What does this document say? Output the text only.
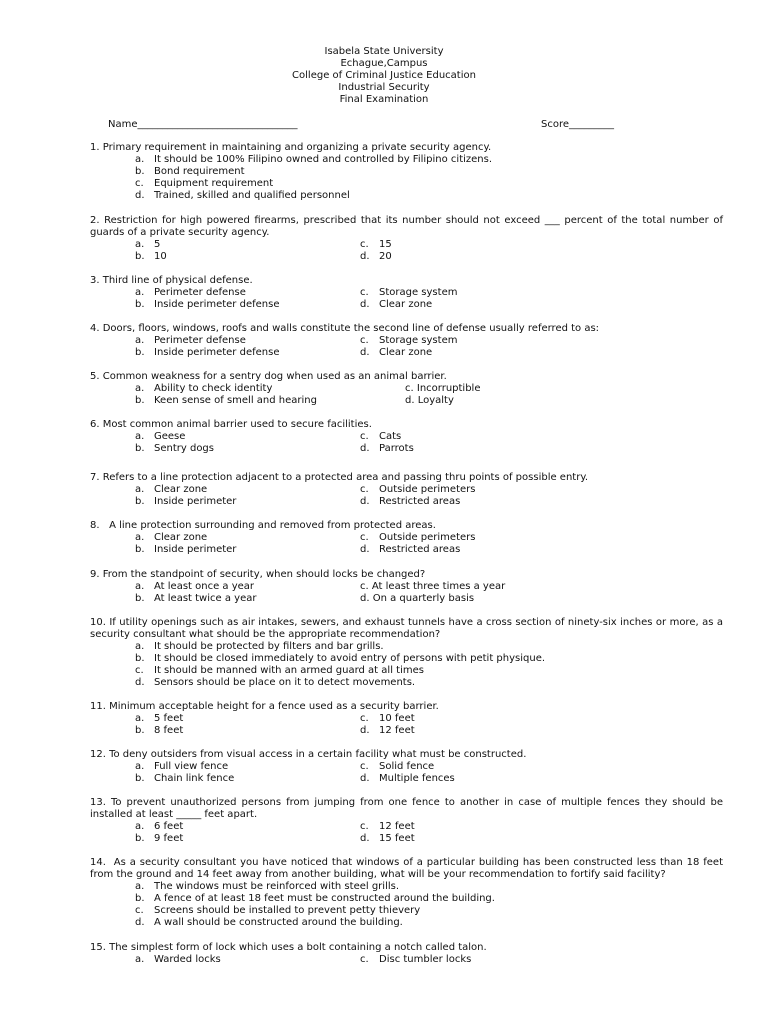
Isabela State University
Echague,Campus
College of Criminal Justice Education
Industrial Security
Final Examination
Name________________________________	Score_________
1. Primary requirement in maintaining and organizing a private security agency.
a. It should be 100% Filipino owned and controlled by Filipino citizens.
b. Bond requirement
c. Equipment requirement
d. Trained, skilled and qualified personnel
2. Restriction for high powered firearms, prescribed that its number should not exceed ___ percent of the total number of guards of a private security agency.
a. 5
b. 10
c. 15
d. 20
3. Third line of physical defense.
a. Perimeter defense
b. Inside perimeter defense
c. Storage system
d. Clear zone
4. Doors, floors, windows, roofs and walls constitute the second line of defense usually referred to as:
a. Perimeter defense
b. Inside perimeter defense
c. Storage system
d. Clear zone
5. Common weakness for a sentry dog when used as an animal barrier.
a. Ability to check identity
b. Keen sense of smell and hearing
c. Incorruptible
d. Loyalty
6. Most common animal barrier used to secure facilities.
a. Geese
b. Sentry dogs
c. Cats
d. Parrots
7. Refers to a line protection adjacent to a protected area and passing thru points of possible entry.
a. Clear zone
b. Inside perimeter
c. Outside perimeters
d. Restricted areas
8.   A line protection surrounding and removed from protected areas.
a. Clear zone
b. Inside perimeter
c. Outside perimeters
d. Restricted areas
9. From the standpoint of security, when should locks be changed?
a. At least once a year
b. At least twice a year
c. At least three times a year
d. On a quarterly basis
10. If utility openings such as air intakes, sewers, and exhaust tunnels have a cross section of ninety-six inches or more, as a security consultant what should be the appropriate recommendation?
a. It should be protected by filters and bar grills.
b. It should be closed immediately to avoid entry of persons with petit physique.
c. It should be manned with an armed guard at all times
d. Sensors should be place on it to detect movements.
11. Minimum acceptable height for a fence used as a security barrier.
a. 5 feet
b. 8 feet
c. 10 feet
d. 12 feet
12. To deny outsiders from visual access in a certain facility what must be constructed.
a. Full view fence
b. Chain link fence
c. Solid fence
d. Multiple fences
13. To prevent unauthorized persons from jumping from one fence to another in case of multiple fences they should be installed at least _____ feet apart.
a. 6 feet
b. 9 feet
c. 12 feet
d. 15 feet
14.  As a security consultant you have noticed that windows of a particular building has been constructed less than 18 feet from the ground and 14 feet away from another building, what will be your recommendation to fortify said facility?
a. The windows must be reinforced with steel grills.
b. A fence of at least 18 feet must be constructed around the building.
c. Screens should be installed to prevent petty thievery
d. A wall should be constructed around the building.
15. The simplest form of lock which uses a bolt containing a notch called talon.
a. Warded locks	c. Disc tumbler locks
